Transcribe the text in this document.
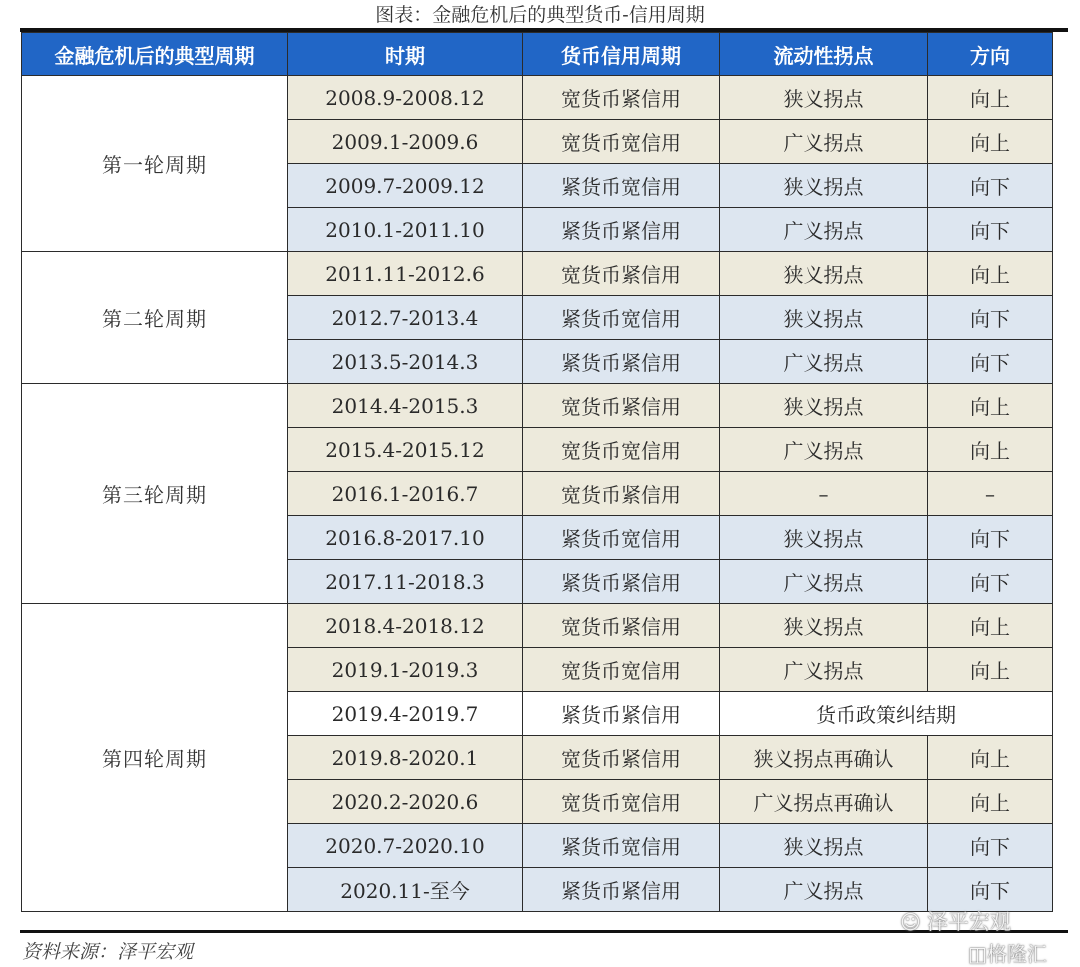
图表：金融危机后的典型货币-信用周期
金融危机后的典型周期	时期	货币信用周期	流动性拐点	方向
第一轮周期	2008.9-2008.12	宽货币紧信用	狭义拐点	向上
	2009.1-2009.6	宽货币宽信用	广义拐点	向上
	2009.7-2009.12	紧货币宽信用	狭义拐点	向下
	2010.1-2011.10	紧货币紧信用	广义拐点	向下
第二轮周期	2011.11-2012.6	宽货币紧信用	狭义拐点	向上
	2012.7-2013.4	紧货币宽信用	狭义拐点	向下
	2013.5-2014.3	紧货币紧信用	广义拐点	向下
第三轮周期	2014.4-2015.3	宽货币紧信用	狭义拐点	向上
	2015.4-2015.12	宽货币宽信用	广义拐点	向上
	2016.1-2016.7	宽货币紧信用	–	–
	2016.8-2017.10	紧货币宽信用	狭义拐点	向下
	2017.11-2018.3	紧货币紧信用	广义拐点	向下
第四轮周期	2018.4-2018.12	宽货币紧信用	狭义拐点	向上
	2019.1-2019.3	宽货币宽信用	广义拐点	向上
	2019.4-2019.7	紧货币紧信用	货币政策纠结期	
	2019.8-2020.1	宽货币紧信用	狭义拐点再确认	向上
	2020.2-2020.6	宽货币宽信用	广义拐点再确认	向上
	2020.7-2020.10	紧货币宽信用	狭义拐点	向下
	2020.11-至今	紧货币紧信用	广义拐点	向下
资料来源：泽平宏观
☺ 泽平宏观
◫格隆汇
